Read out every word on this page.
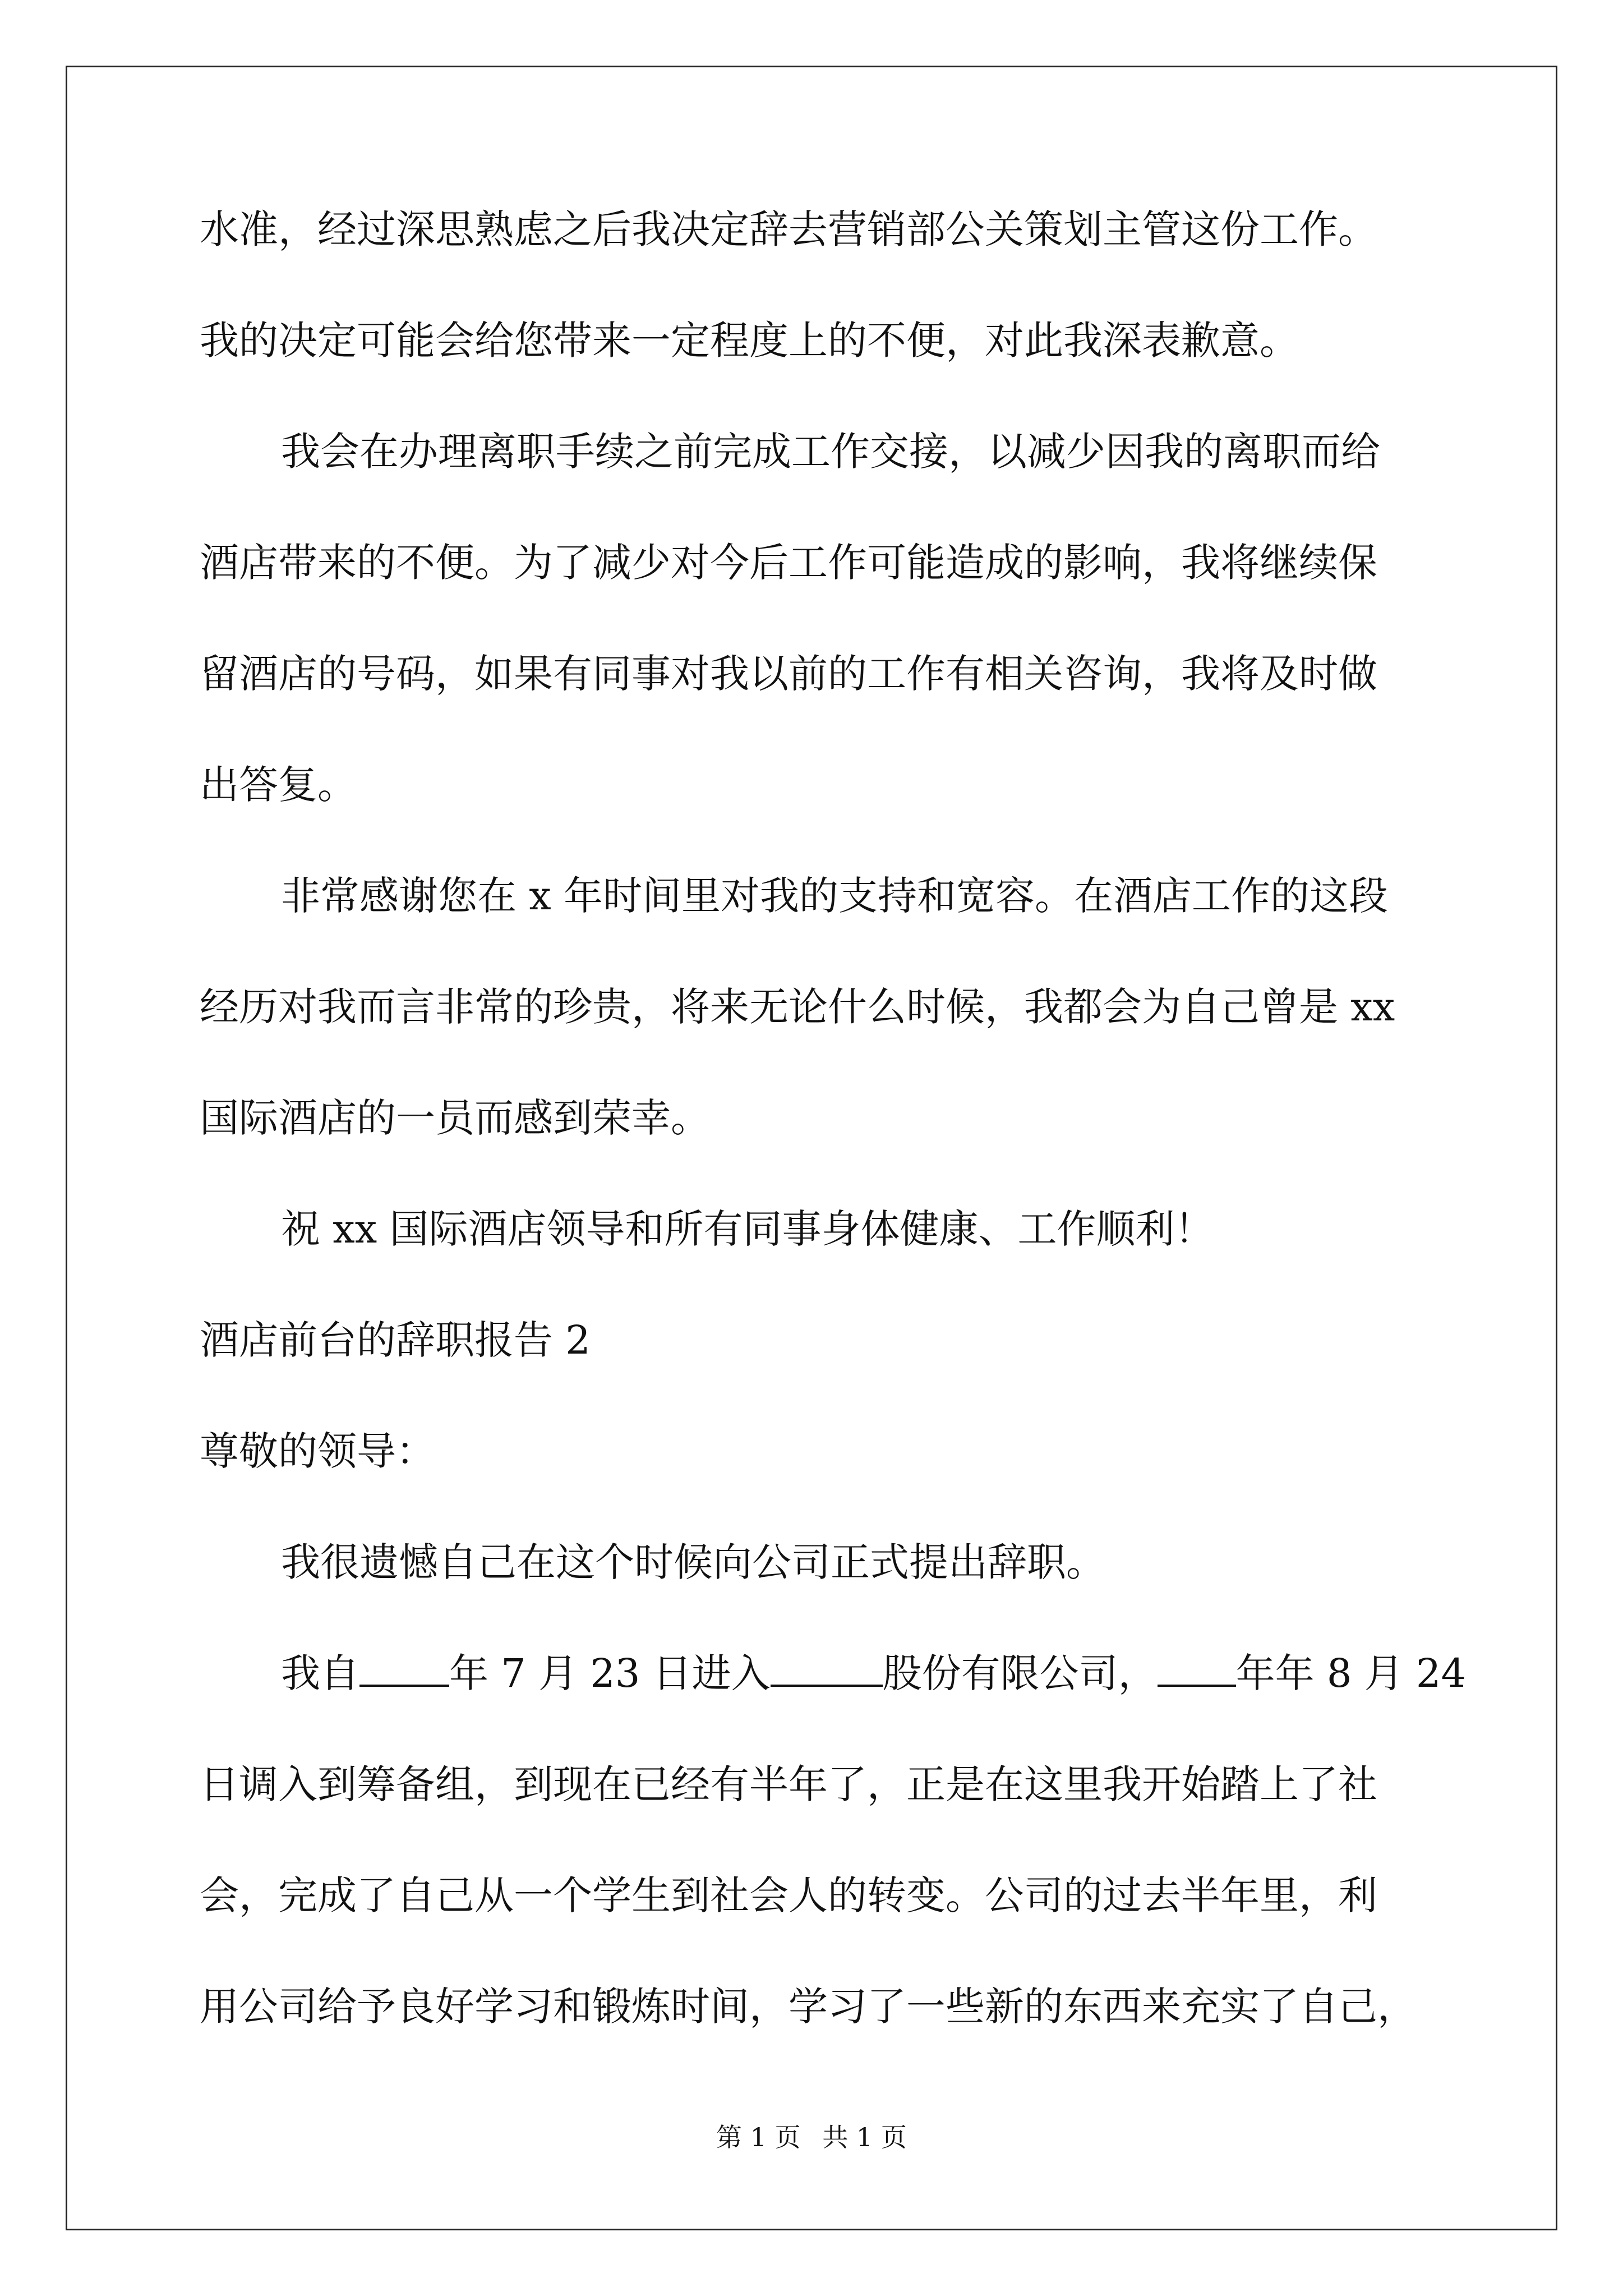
水准，经过深思熟虑之后我决定辞去营销部公关策划主管这份工作。
我的决定可能会给您带来一定程度上的不便，对此我深表歉意。
我会在办理离职手续之前完成工作交接，以减少因我的离职而给
酒店带来的不便。为了减少对今后工作可能造成的影响，我将继续保
留酒店的号码，如果有同事对我以前的工作有相关咨询，我将及时做
出答复。
非常感谢您在 x 年时间里对我的支持和宽容。在酒店工作的这段
经历对我而言非常的珍贵，将来无论什么时候，我都会为自己曾是 xx
国际酒店的一员而感到荣幸。
祝 xx 国际酒店领导和所有同事身体健康、工作顺利！
酒店前台的辞职报告 2
尊敬的领导：
我很遗憾自己在这个时候向公司正式提出辞职。
我自 年 7 月 23 日进入	股份有限公司， 年年 8 月 24
日调入到筹备组，到现在已经有半年了，正是在这里我开始踏上了社
会，完成了自己从一个学生到社会人的转变。公司的过去半年里，利
用公司给予良好学习和锻炼时间，学习了一些新的东西来充实了自己，
第 1 页 共 1 页
